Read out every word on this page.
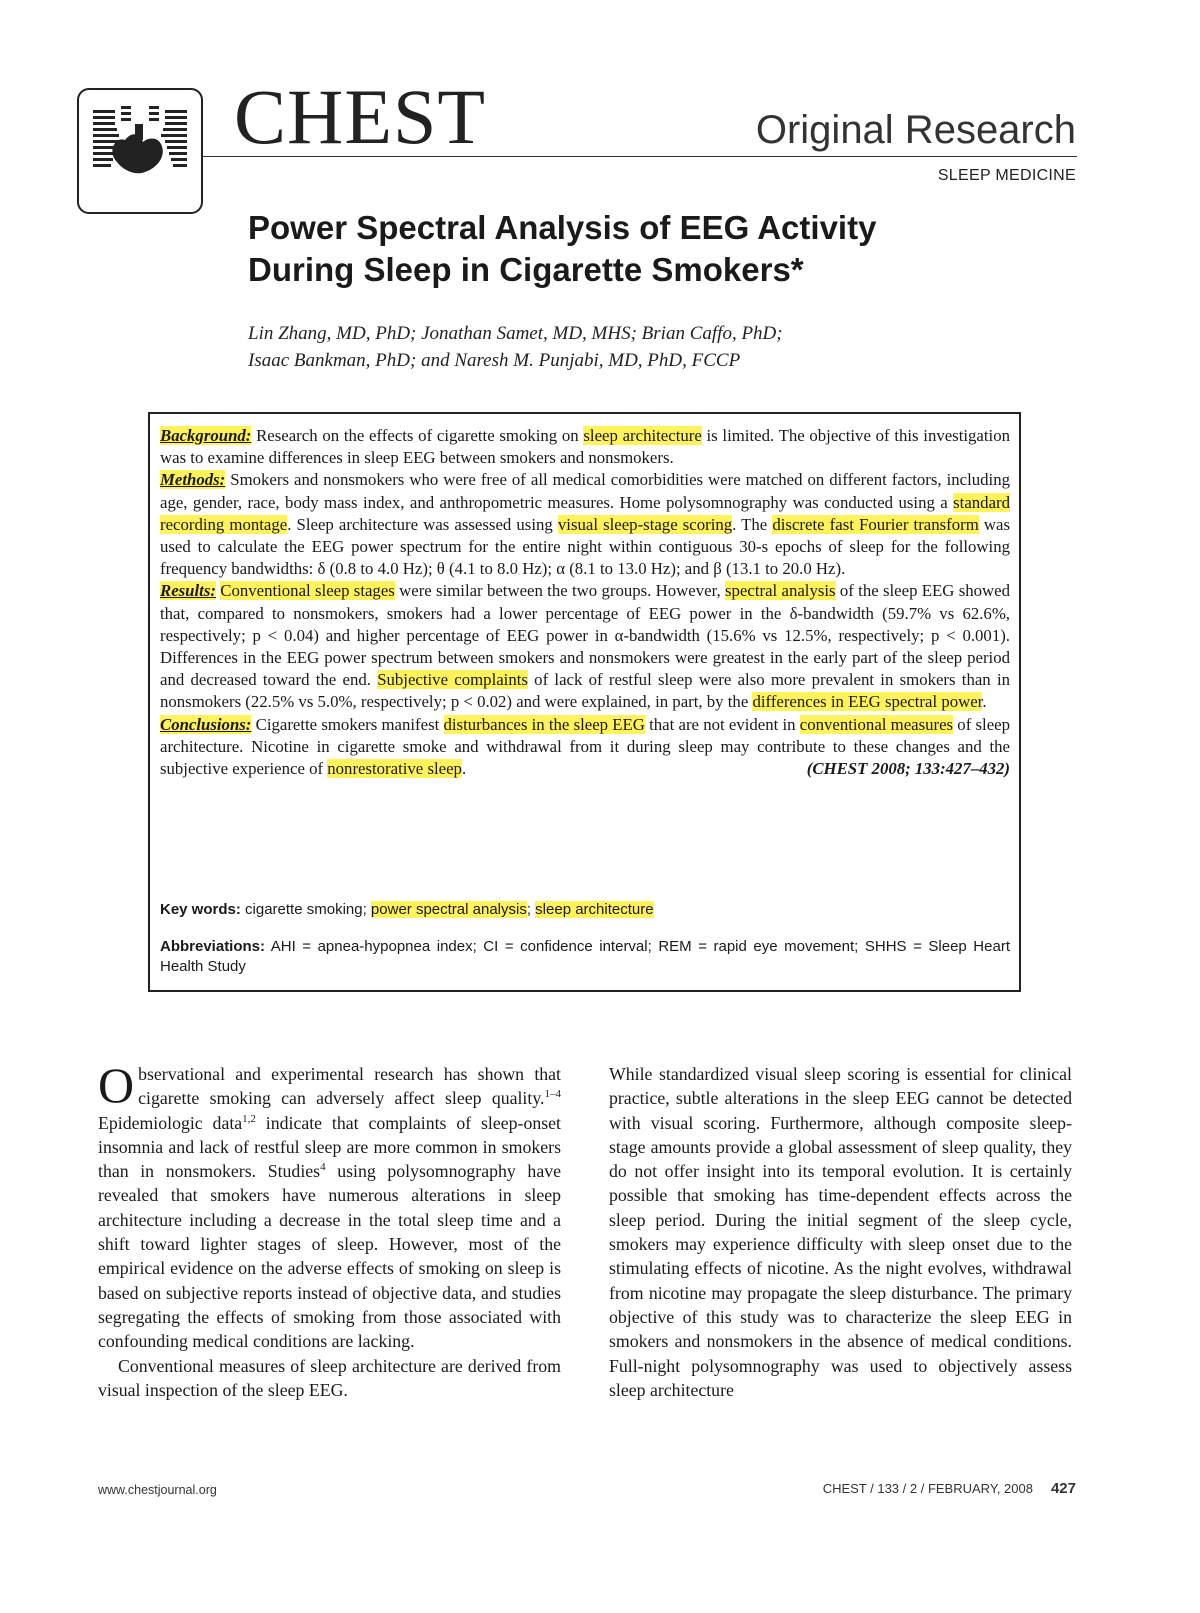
CHEST	Original Research
SLEEP MEDICINE
Power Spectral Analysis of EEG Activity
During Sleep in Cigarette Smokers*
Lin Zhang, MD, PhD; Jonathan Samet, MD, MHS; Brian Caffo, PhD;
Isaac Bankman, PhD; and Naresh M. Punjabi, MD, PhD, FCCP

Background: Research on the effects of cigarette smoking on sleep architecture is limited. The objective of this investigation was to examine differences in sleep EEG between smokers and nonsmokers.

Methods: Smokers and nonsmokers who were free of all medical comorbidities were matched on different factors, including age, gender, race, body mass index, and anthropometric measures. Home polysomnography was conducted using a standard recording montage. Sleep architecture was assessed using visual sleep-stage scoring. The discrete fast Fourier transform was used to calculate the EEG power spectrum for the entire night within contiguous 30-s epochs of sleep for the following frequency bandwidths: δ (0.8 to 4.0 Hz); θ (4.1 to 8.0 Hz); α (8.1 to 13.0 Hz); and β (13.1 to 20.0 Hz).

Results: Conventional sleep stages were similar between the two groups. However, spectral analysis of the sleep EEG showed that, compared to nonsmokers, smokers had a lower percentage of EEG power in the δ-bandwidth (59.7% vs 62.6%, respectively; p < 0.04) and higher percentage of EEG power in α-bandwidth (15.6% vs 12.5%, respectively; p < 0.001). Differences in the EEG power spectrum between smokers and nonsmokers were greatest in the early part of the sleep period and decreased toward the end. Subjective complaints of lack of restful sleep were also more prevalent in smokers than in nonsmokers (22.5% vs 5.0%, respectively; p < 0.02) and were explained, in part, by the differences in EEG spectral power.

Conclusions: Cigarette smokers manifest disturbances in the sleep EEG that are not evident in conventional measures of sleep architecture. Nicotine in cigarette smoke and withdrawal from it during sleep may contribute to these changes and the subjective experience of nonrestorative sleep.	(CHEST 2008; 133:427–432)
Key words: cigarette smoking; power spectral analysis; sleep architecture
Abbreviations: AHI = apnea-hypopnea index; CI = confidence interval; REM = rapid eye movement; SHHS = Sleep Heart Health Study

Observational and experimental research has shown that cigarette smoking can adversely affect sleep quality.$^{1-4}$ Epidemiologic data$^{1,2}$ indicate that complaints of sleep-onset insomnia and lack of restful sleep are more common in smokers than in nonsmokers. Studies$^4$ using polysomnography have revealed that smokers have numerous alterations in sleep architecture including a decrease in the total sleep time and a shift toward lighter stages of sleep. However, most of the empirical evidence on the adverse effects of smoking on sleep is based on subjective reports instead of objective data, and studies segregating the effects of smoking from those associated with confounding medical conditions are lacking.

Conventional measures of sleep architecture are derived from visual inspection of the sleep EEG.

While standardized visual sleep scoring is essential for clinical practice, subtle alterations in the sleep EEG cannot be detected with visual scoring. Furthermore, although composite sleep-stage amounts provide a global assessment of sleep quality, they do not offer insight into its temporal evolution. It is certainly possible that smoking has time-dependent effects across the sleep period. During the initial segment of the sleep cycle, smokers may experience difficulty with sleep onset due to the stimulating effects of nicotine. As the night evolves, withdrawal from nicotine may propagate the sleep disturbance. The primary objective of this study was to characterize the sleep EEG in smokers and nonsmokers in the absence of medical conditions. Full-night polysomnography was used to objectively assess sleep architecture

www.chestjournal.org	CHEST / 133 / 2 / FEBRUARY, 2008 427
